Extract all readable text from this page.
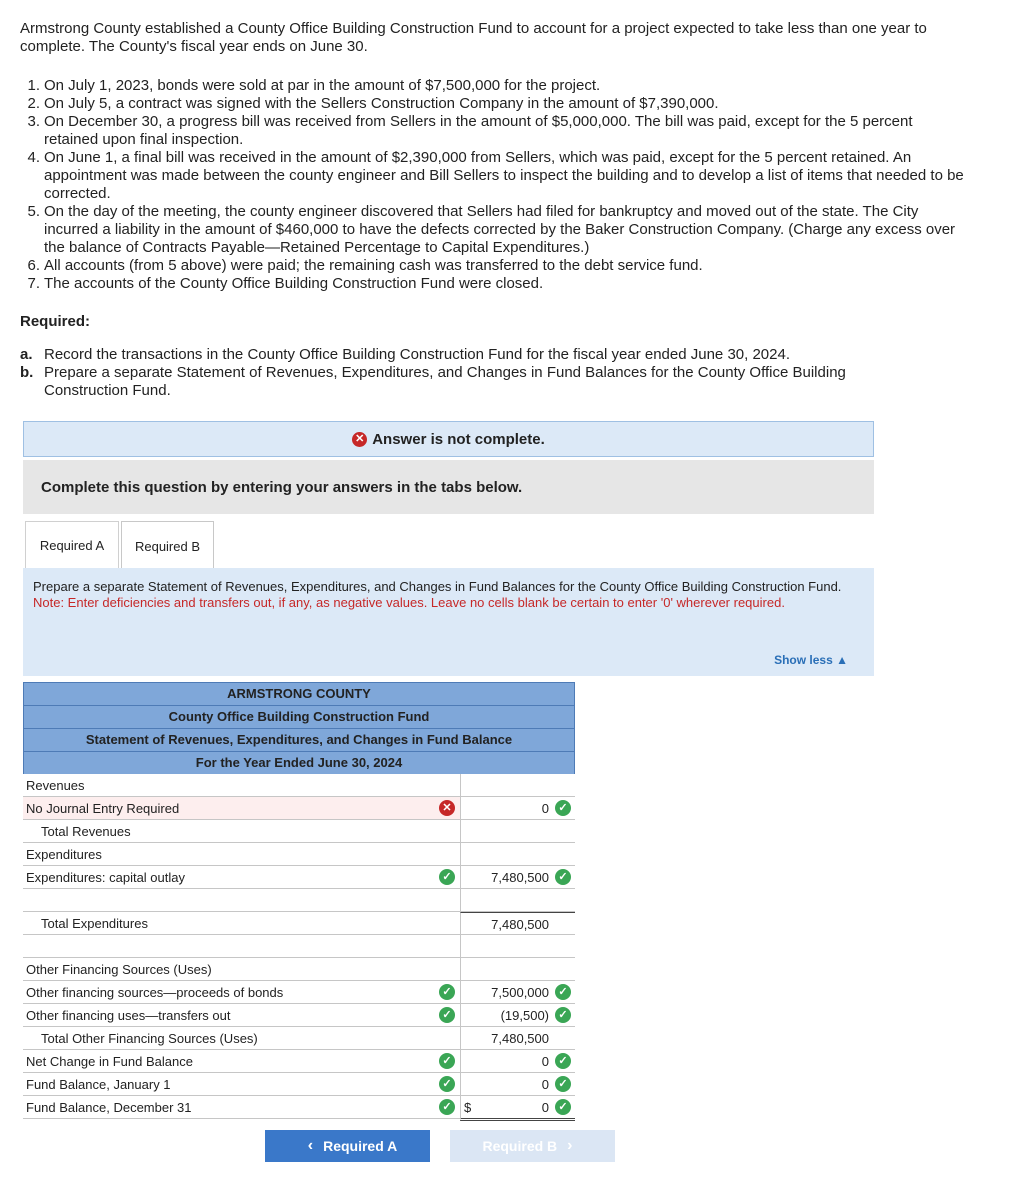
Armstrong County established a County Office Building Construction Fund to account for a project expected to take less than one year to complete. The County's fiscal year ends on June 30.

1. On July 1, 2023, bonds were sold at par in the amount of $7,500,000 for the project.
2. On July 5, a contract was signed with the Sellers Construction Company in the amount of $7,390,000.
3. On December 30, a progress bill was received from Sellers in the amount of $5,000,000. The bill was paid, except for the 5 percent retained upon final inspection.
4. On June 1, a final bill was received in the amount of $2,390,000 from Sellers, which was paid, except for the 5 percent retained. An appointment was made between the county engineer and Bill Sellers to inspect the building and to develop a list of items that needed to be corrected.
5. On the day of the meeting, the county engineer discovered that Sellers had filed for bankruptcy and moved out of the state. The City incurred a liability in the amount of $460,000 to have the defects corrected by the Baker Construction Company. (Charge any excess over the balance of Contracts Payable—Retained Percentage to Capital Expenditures.)
6. All accounts (from 5 above) were paid; the remaining cash was transferred to the debt service fund.
7. The accounts of the County Office Building Construction Fund were closed.
Required:
a. Record the transactions in the County Office Building Construction Fund for the fiscal year ended June 30, 2024.
b. Prepare a separate Statement of Revenues, Expenditures, and Changes in Fund Balances for the County Office Building Construction Fund.
✕ Answer is not complete.
Complete this question by entering your answers in the tabs below.
Required A	Required B
Prepare a separate Statement of Revenues, Expenditures, and Changes in Fund Balances for the County Office Building Construction Fund.
Note: Enter deficiencies and transfers out, if any, as negative values. Leave no cells blank be certain to enter '0' wherever required.
Show less ▲
ARMSTRONG COUNTY
County Office Building Construction Fund
Statement of Revenues, Expenditures, and Changes in Fund Balance
For the Year Ended June 30, 2024
Revenues
No Journal Entry Required	✕	0 ✓
Total Revenues
Expenditures
Expenditures: capital outlay	✓	7,480,500 ✓
Total Expenditures	7,480,500
Other Financing Sources (Uses)
Other financing sources—proceeds of bonds	✓	7,500,000 ✓
Other financing uses—transfers out	✓	(19,500) ✓
Total Other Financing Sources (Uses)	7,480,500
Net Change in Fund Balance	✓	0 ✓
Fund Balance, January 1	✓	0 ✓
Fund Balance, December 31	✓ $	0 ✓
‹ Required A	Required B ›
